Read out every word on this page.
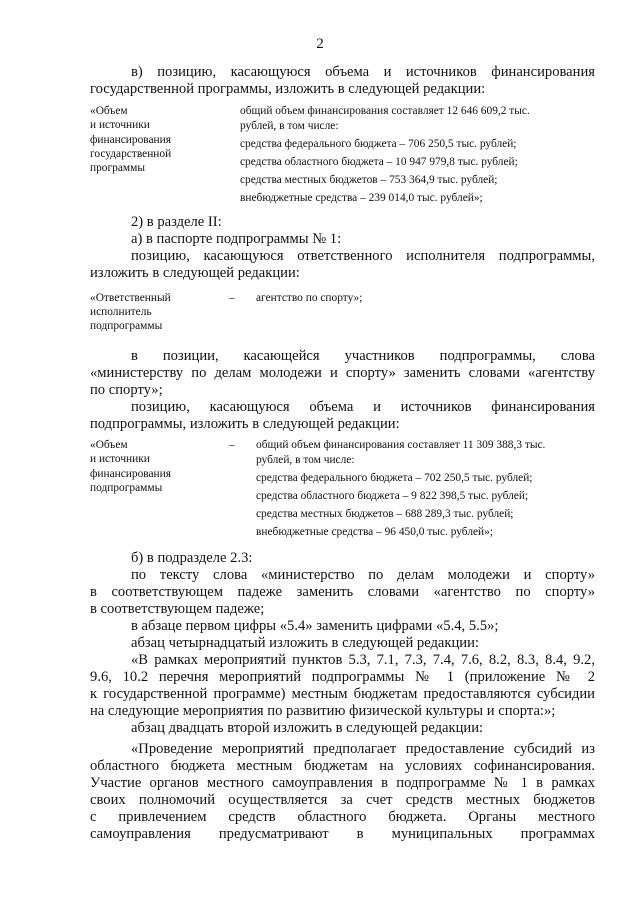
2

в) позицию, касающуюся объема и источников финансирования

государственной программы, изложить в следующей редакции:

«Объем

и источники

финансирования

государственной

программы

общий объем финансирования составляет 12 646 609,2 тыс.

рублей, в том числе:

средства федерального бюджета – 706 250,5 тыс. рублей;

средства областного бюджета – 10 947 979,8 тыс. рублей;

средства местных бюджетов – 753 364,9 тыс. рублей;

внебюджетные средства – 239 014,0 тыс. рублей»;

2) в разделе II:

а) в паспорте подпрограммы № 1:

позицию, касающуюся ответственного исполнителя подпрограммы,

изложить в следующей редакции:

«Ответственный

исполнитель

подпрограммы

– агентство по спорту»;

в позиции, касающейся участников подпрограммы, слова

«министерству по делам молодежи и спорту» заменить словами «агентству

по спорту»;

позицию, касающуюся объема и источников финансирования

подпрограммы, изложить в следующей редакции:

«Объем

и источники

финансирования

подпрограммы

– общий объем финансирования составляет 11 309 388,3 тыс.

рублей, в том числе:

средства федерального бюджета – 702 250,5 тыс. рублей;

средства областного бюджета – 9 822 398,5 тыс. рублей;

средства местных бюджетов – 688 289,3 тыс. рублей;

внебюджетные средства – 96 450,0 тыс. рублей»;

б) в подразделе 2.3:

по тексту слова «министерство по делам молодежи и спорту»

в соответствующем падеже заменить словами «агентство по спорту»

в соответствующем падеже;

в абзаце первом цифры «5.4» заменить цифрами «5.4, 5.5»;

абзац четырнадцатый изложить в следующей редакции:

«В рамках мероприятий пунктов 5.3, 7.1, 7.3, 7.4, 7.6, 8.2, 8.3, 8.4, 9.2,

9.6, 10.2 перечня мероприятий подпрограммы № 1 (приложение № 2

к государственной программе) местным бюджетам предоставляются субсидии

на следующие мероприятия по развитию физической культуры и спорта:»;

абзац двадцать второй изложить в следующей редакции:

«Проведение мероприятий предполагает предоставление субсидий из

областного бюджета местным бюджетам на условиях софинансирования.

Участие органов местного самоуправления в подпрограмме № 1 в рамках

своих полномочий осуществляется за счет средств местных бюджетов

с привлечением средств областного бюджета. Органы местного

самоуправления предусматривают в муниципальных программах
